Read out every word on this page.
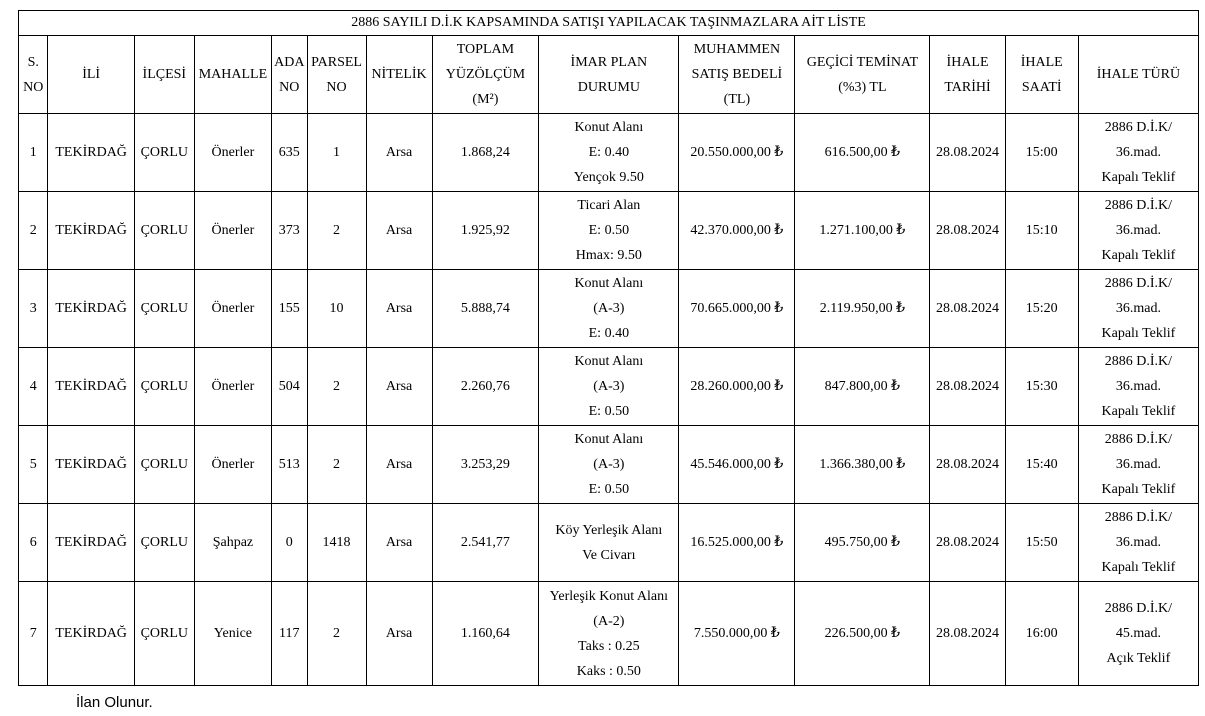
2886 SAYILI D.İ.K KAPSAMINDA SATIŞI YAPILACAK TAŞINMAZLARA AİT LİSTE													

S.
NO	İLİ	İLÇESİ	MAHALLE	ADA
NO	PARSEL
NO	NİTELİK	TOPLAM
YÜZÖLÇÜM
(M²)	İMAR PLAN
DURUMU	MUHAMMEN
SATIŞ BEDELİ
(TL)	GEÇİCİ TEMİNAT
(%3) TL	İHALE
TARİHİ	İHALE
SAATİ	İHALE TÜRÜ
1	TEKİRDAĞ	ÇORLU	Önerler	635	1	Arsa	1.868,24	Konut Alanı
E: 0.40
Yençok 9.50	20.550.000,00 ₺	616.500,00 ₺	28.08.2024	15:00	2886 D.İ.K/
36.mad.
Kapalı Teklif

2	TEKİRDAĞ	ÇORLU	Önerler	373	2	Arsa	1.925,92	Ticari Alan
E: 0.50
Hmax: 9.50	42.370.000,00 ₺	1.271.100,00 ₺	28.08.2024	15:10	2886 D.İ.K/
36.mad.
Kapalı Teklif

3	TEKİRDAĞ	ÇORLU	Önerler	155	10	Arsa	5.888,74	Konut Alanı
(A-3)
E: 0.40	70.665.000,00 ₺	2.119.950,00 ₺	28.08.2024	15:20	2886 D.İ.K/
36.mad.
Kapalı Teklif

4	TEKİRDAĞ	ÇORLU	Önerler	504	2	Arsa	2.260,76	Konut Alanı
(A-3)
E: 0.50	28.260.000,00 ₺	847.800,00 ₺	28.08.2024	15:30	2886 D.İ.K/
36.mad.
Kapalı Teklif

5	TEKİRDAĞ	ÇORLU	Önerler	513	2	Arsa	3.253,29	Konut Alanı
(A-3)
E: 0.50	45.546.000,00 ₺	1.366.380,00 ₺	28.08.2024	15:40	2886 D.İ.K/
36.mad.
Kapalı Teklif

6	TEKİRDAĞ	ÇORLU	Şahpaz	0	1418	Arsa	2.541,77	Köy Yerleşik Alanı
Ve Civarı	16.525.000,00 ₺	495.750,00 ₺	28.08.2024	15:50	2886 D.İ.K/
36.mad.
Kapalı Teklif

7	TEKİRDAĞ	ÇORLU	Yenice	117	2	Arsa	1.160,64	Yerleşik Konut Alanı
(A-2)
Taks : 0.25
Kaks : 0.50	7.550.000,00 ₺	226.500,00 ₺	28.08.2024	16:00	2886 D.İ.K/
45.mad.
Açık Teklif
İlan Olunur.
